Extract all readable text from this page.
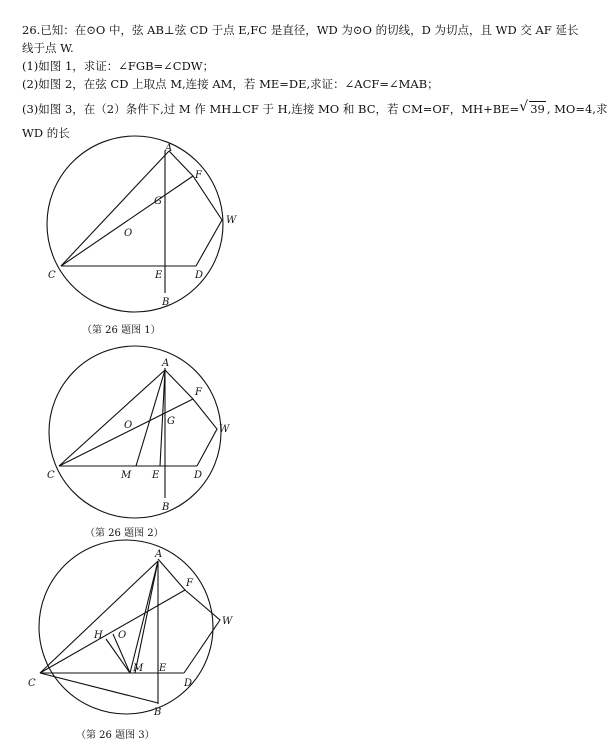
26.已知：在⊙O 中，弦 AB⊥弦 CD 于点 E,FC 是直径，WD 为⊙O 的切线，D 为切点，且 WD 交 AF 延长
线于点 W.
(1)如图 1，求证：∠FGB=∠CDW；
(2)如图 2，在弦 CD 上取点 M,连接 AM，若 ME=DE,求证：∠ACF=∠MAB；
(3)如图 3，在（2）条件下,过 M 作 MH⊥CF 于 H,连接 MO 和 BC，若 CM=OF，MH+BE=√ 39 , MO=4,求
WD 的长
A
F
G
O
W
C	E	D
B
（第 26 题图 1）
A
F
G
O	W
C	M E	D
B
（第 26 题图 2）
A
F
H O
W
C
M E
D
B
（第 26 题图 3）
